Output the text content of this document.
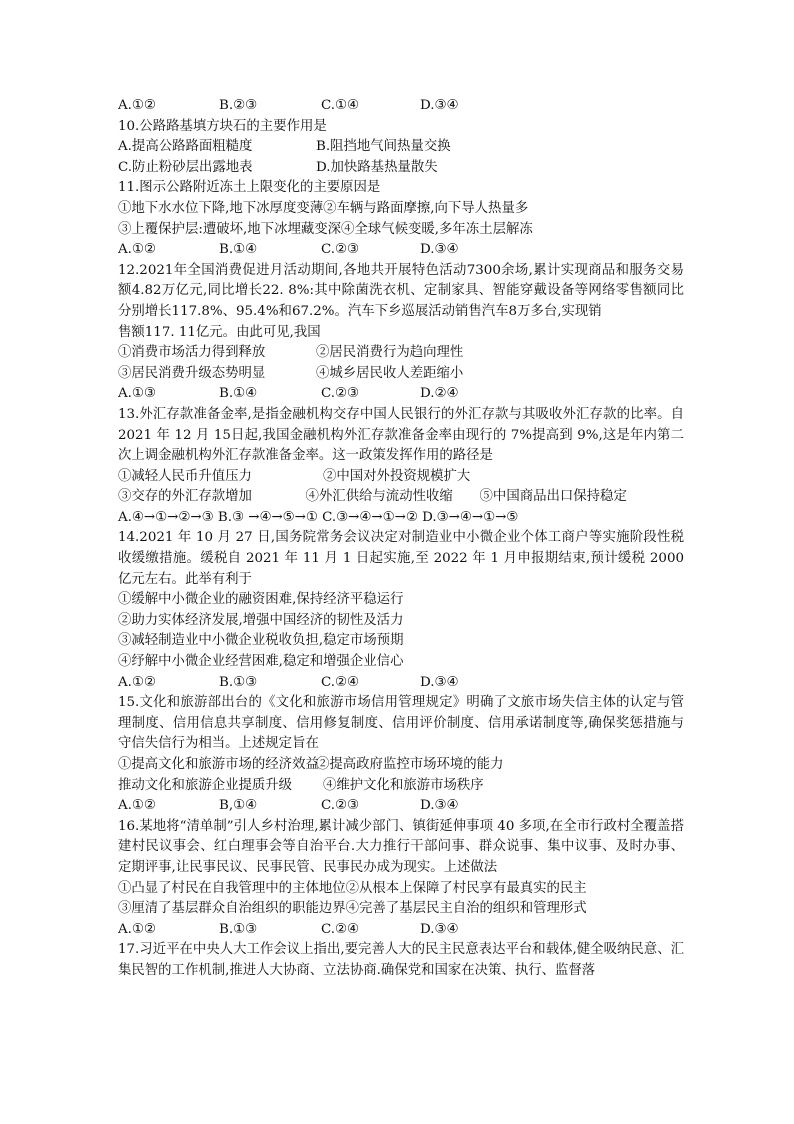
A.①②	B.②③	C.①④	D.③④
10.公路路基填方块石的主要作用是
A.提高公路路面粗糙度	B.阻挡地气间热量交换
C.防止粉砂层出露地表	D.加快路基热量散失
11.图示公路附近冻土上限变化的主要原因是
①地下水水位下降,地下冰厚度变薄②车辆与路面摩擦,向下导人热量多
③上覆保护层:遭破坏,地下冰埋藏变深④全球气候变暖,多年冻土层解冻
A.①②	B.①④	C.②③	D.③④
12.2021年全国消费促进月活动期间,各地共开展特色活动7300余场,累计实现商品和服务交易额4.82万亿元,同比增长22. 8%:其中除菌洗衣机、定制家具、智能穿戴设备等网络零售额同比分别增长117.8%、95.4%和67.2%。汽车下乡巡展活动销售汽车8万多台,实现销
售额117. 11亿元。由此可见,我国
①消费市场活力得到释放	②居民消费行为趋向理性
③居民消费升级态势明显	④城乡居民收人差距缩小
A.①③	B.①④	C.②③	D.②④
13.外汇存款准备金率,是指金融机构交存中国人民银行的外汇存款与其吸收外汇存款的比率。自 2021 年 12 月 15日起,我国金融机构外汇存款准备金率由现行的 7%提高到 9%,这是年内第二次上调金融机构外汇存款准备金率。这一政策发挥作用的路径是
①减轻人民币升值压力	②中国对外投资规模扩大
③交存的外汇存款增加　　　　④外汇供给与流动性收缩　　⑤中国商品出口保持稳定
A.④→①→②→③ B.③ →④→⑤→① C.③→④→①→② D.③→④→①→⑤
14.2021 年 10 月 27 日,国务院常务会议决定对制造业中小微企业个体工商户等实施阶段性税收缓缴措施。缓税自 2021 年 11 月 1 日起实施,至 2022 年 1 月申报期结束,预计缓税 2000亿元左右。此举有利于
①缓解中小微企业的融资困难,保持经济平稳运行
②助力实体经济发展,增强中国经济的韧性及活力
③减轻制造业中小微企业税收负担,稳定市场预期
④纾解中小微企业经营困难,稳定和增强企业信心
A.①②	B.①③	C.②④	D.③④
15.文化和旅游部出台的《文化和旅游市场信用管理规定》明确了文旅市场失信主体的认定与管理制度、信用信息共享制度、信用修复制度、信用评价制度、信用承诺制度等,确保奖惩措施与守信失信行为相当。上述规定旨在
①提高文化和旅游市场的经济效益
②提高政府监控市场环境的能力
推动文化和旅游企业提质升级	④维护文化和旅游市场秩序
A.①②	B,①④	C.②③	D.③④
16.某地将“清单制”引人乡村治理,累计减少部门、镇街延伸事项 40 多项,在全市行政村全覆盖搭建村民议事会、红白理事会等自治平台.大力推行干部问事、群众说事、集中议事、及时办事、定期评事,让民事民议、民事民管、民事民办成为现实。上述做法
①凸显了村民在自我管理中的主体地位②从根本上保障了村民享有最真实的民主
③厘清了基层群众自治组织的职能边界④完善了基层民主自治的组织和管理形式
A.①②	B.①③	C.②④	D.③④
17.习近平在中央人大工作会议上指出,要完善人大的民主民意表达平台和载体,健全吸纳民意、汇集民智的工作机制,推进人大协商、立法协商.确保党和国家在决策、执行、监督落
